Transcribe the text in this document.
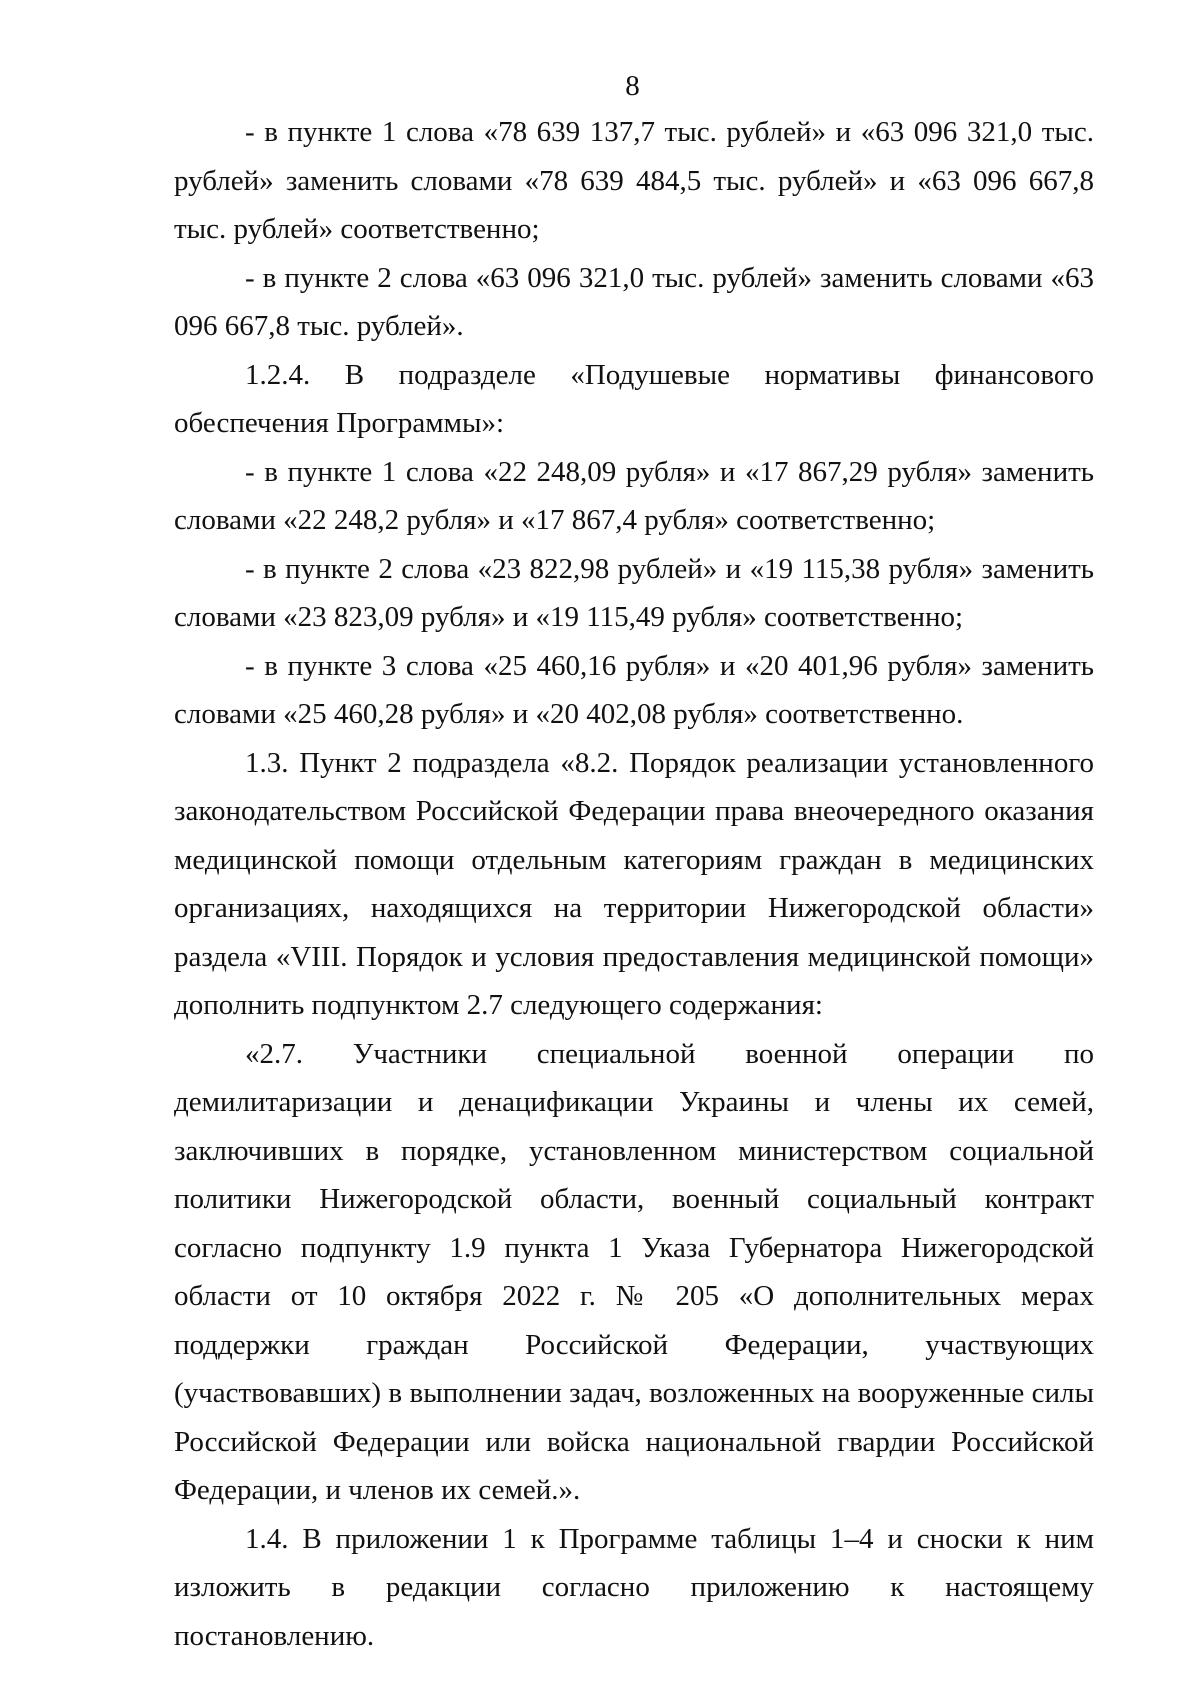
8

- в пункте 1 слова «78 639 137,7 тыс. рублей» и «63 096 321,0 тыс. рублей» заменить словами «78 639 484,5 тыс. рублей» и «63 096 667,8 тыс. рублей» соответственно;

- в пункте 2 слова «63 096 321,0 тыс. рублей» заменить словами «63 096 667,8 тыс. рублей».

1.2.4. В подразделе «Подушевые нормативы финансового обеспечения Программы»:

- в пункте 1 слова «22 248,09 рубля» и «17 867,29 рубля» заменить словами «22 248,2 рубля» и «17 867,4 рубля» соответственно;

- в пункте 2 слова «23 822,98 рублей» и «19 115,38 рубля» заменить словами «23 823,09 рубля» и «19 115,49 рубля» соответственно;

- в пункте 3 слова «25 460,16 рубля» и «20 401,96 рубля» заменить словами «25 460,28 рубля» и «20 402,08 рубля» соответственно.

1.3. Пункт 2 подраздела «8.2. Порядок реализации установленного законодательством Российской Федерации права внеочередного оказания медицинской помощи отдельным категориям граждан в медицинских организациях, находящихся на территории Нижегородской области» раздела «VIII. Порядок и условия предоставления медицинской помощи» дополнить подпунктом 2.7 следующего содержания:

«2.7. Участники специальной военной операции по демилитаризации и денацификации Украины и члены их семей, заключивших в порядке, установленном министерством социальной политики Нижегородской области, военный социальный контракт согласно подпункту 1.9 пункта 1 Указа Губернатора Нижегородской области от 10 октября 2022 г. № 205 «О дополнительных мерах поддержки граждан Российской Федерации, участвующих (участвовавших) в выполнении задач, возложенных на вооруженные силы Российской Федерации или войска национальной гвардии Российской Федерации, и членов их семей.».

1.4. В приложении 1 к Программе таблицы 1–4 и сноски к ним изложить в редакции согласно приложению к настоящему постановлению.
